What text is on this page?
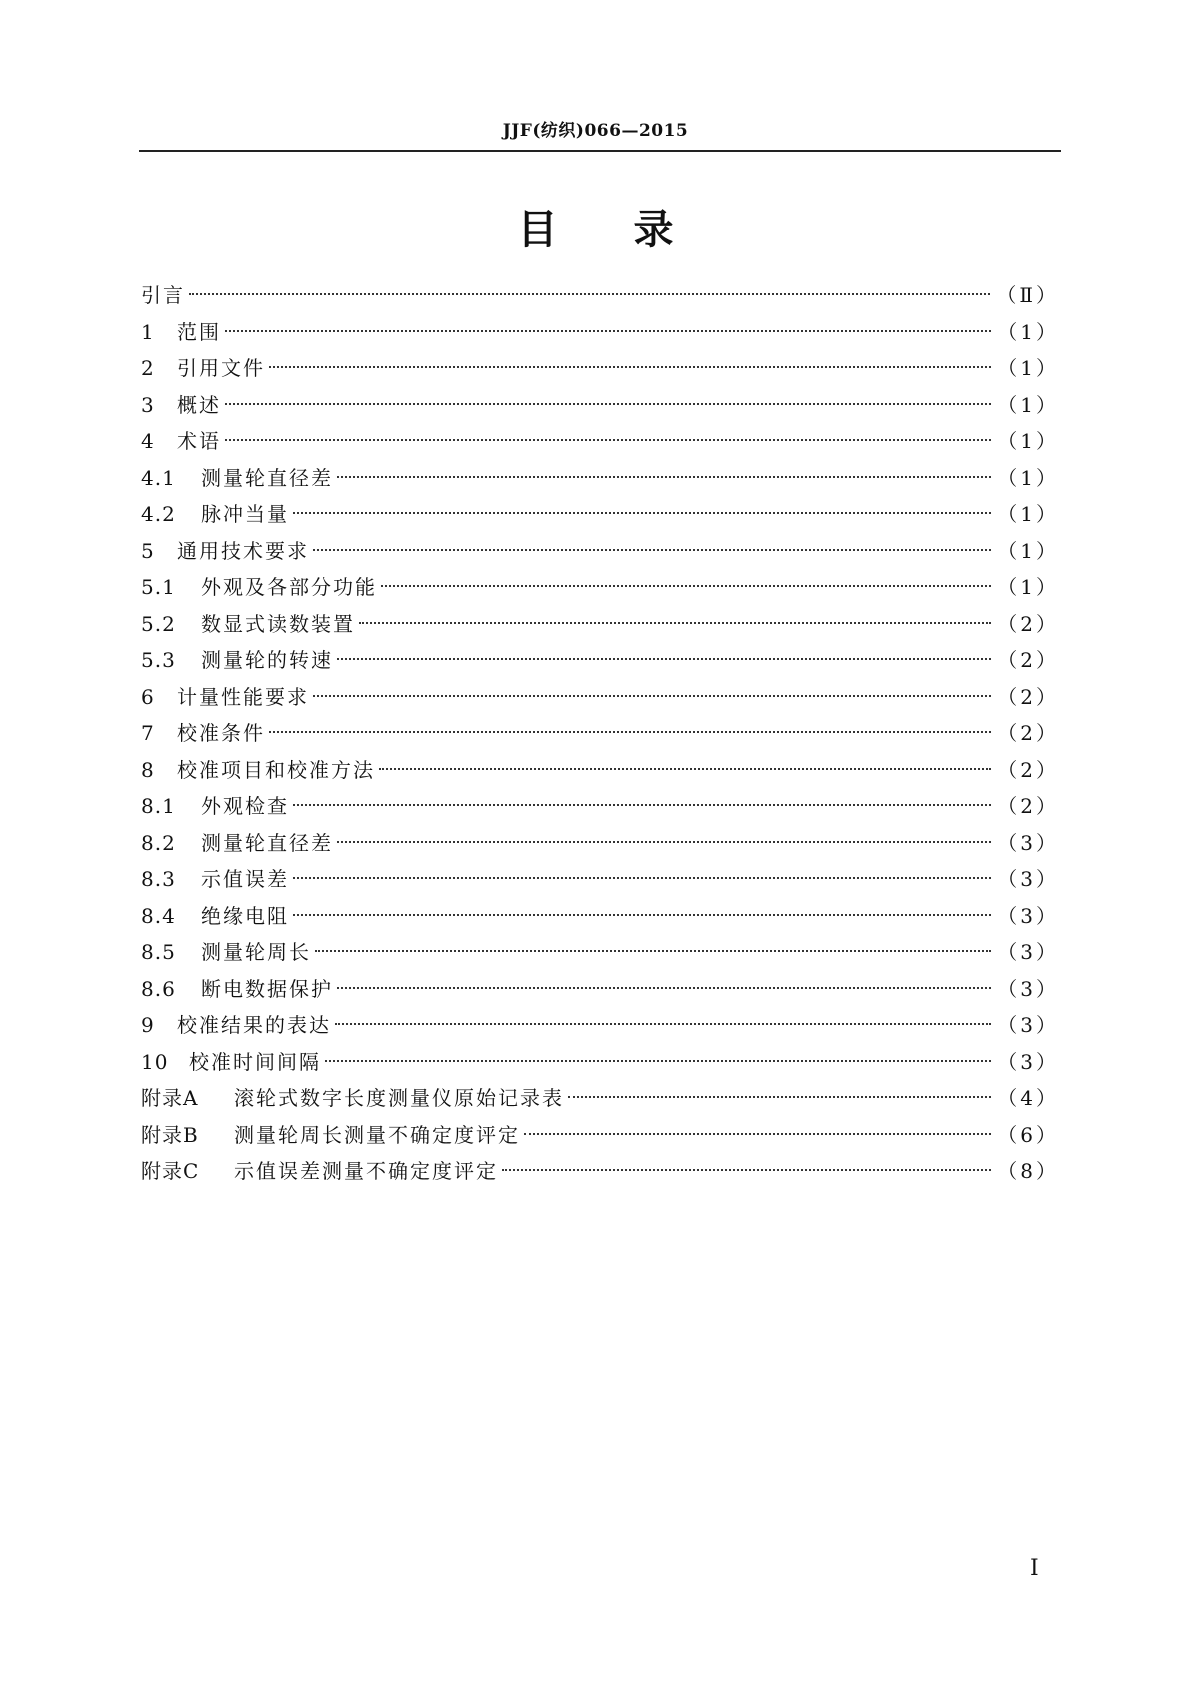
JJF(纺织)066—2015
目录
引言	（Ⅱ）
1	范围	（1）
2	引用文件	（1）
3	概述	（1）
4	术语	（1）
4.1	测量轮直径差	（1）
4.2	脉冲当量	（1）
5	通用技术要求	（1）
5.1	外观及各部分功能	（1）
5.2	数显式读数装置	（2）
5.3	测量轮的转速	（2）
6	计量性能要求	（2）
7	校准条件	（2）
8	校准项目和校准方法	（2）
8.1	外观检查	（2）
8.2	测量轮直径差	（3）
8.3	示值误差	（3）
8.4	绝缘电阻	（3）
8.5	测量轮周长	（3）
8.6	断电数据保护	（3）
9	校准结果的表达	（3）
10	校准时间间隔	（3）
附录A	滚轮式数字长度测量仪原始记录表	（4）
附录B	测量轮周长测量不确定度评定	（6）
附录C	示值误差测量不确定度评定	（8）
I
